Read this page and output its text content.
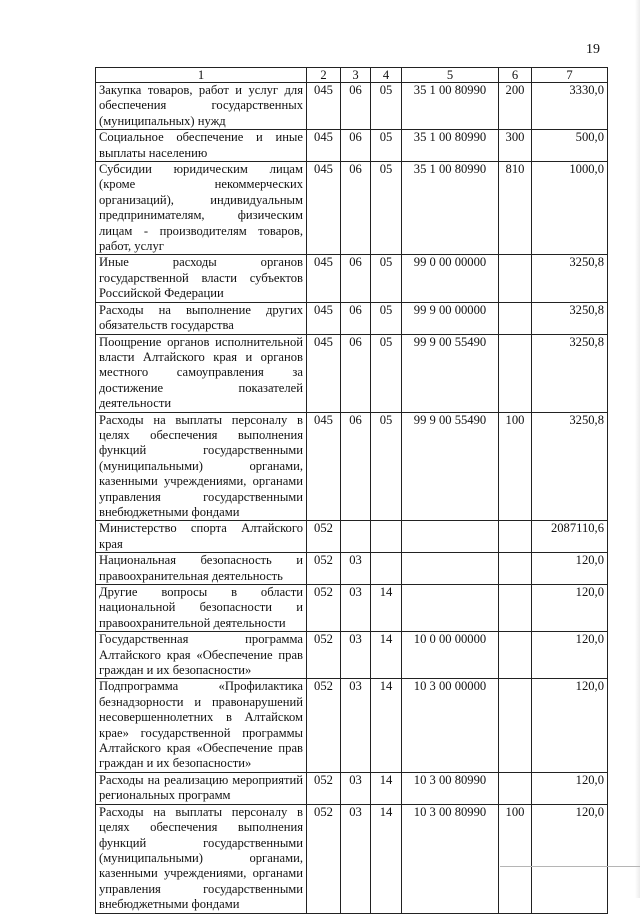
19
1	2	3	4	5	6	7
Закупка товаров, работ и услуг для обеспечения государственных (муниципальных) нужд	045	06	05	35 1 00 80990	200	3330,0
Социальное обеспечение и иные выплаты населению	045	06	05	35 1 00 80990	300	500,0
Субсидии юридическим лицам (кроме некоммерческих организаций), индивидуальным предпринимателям, физическим лицам - производителям товаров, работ, услуг	045	06	05	35 1 00 80990	810	1000,0
Иные расходы органов государственной власти субъектов Российской Федерации	045	06	05	99 0 00 00000		3250,8
Расходы на выполнение других обязательств государства	045	06	05	99 9 00 00000		3250,8
Поощрение органов исполнительной власти Алтайского края и органов местного самоуправления за достижение показателей деятельности	045	06	05	99 9 00 55490		3250,8
Расходы на выплаты персоналу в целях обеспечения выполнения функций государственными (муниципальными) органами, казенными учреждениями, органами управления государственными внебюджетными фондами	045	06	05	99 9 00 55490	100	3250,8
Министерство спорта Алтайского края	052					2087110,6
Национальная безопасность и правоохранительная деятельность	052	03				120,0
Другие вопросы в области национальной безопасности и правоохранительной деятельности	052	03	14			120,0
Государственная программа Алтайского края «Обеспечение прав граждан и их безопасности»	052	03	14	10 0 00 00000		120,0
Подпрограмма «Профилактика безнадзорности и правонарушений несовершеннолетних в Алтайском крае» государственной программы Алтайского края «Обеспечение прав граждан и их безопасности»	052	03	14	10 3 00 00000		120,0
Расходы на реализацию мероприятий региональных программ	052	03	14	10 3 00 80990		120,0
Расходы на выплаты персоналу в целях обеспечения выполнения функций государственными (муниципальными) органами, казенными учреждениями, органами управления государственными внебюджетными фондами	052	03	14	10 3 00 80990	100	120,0
